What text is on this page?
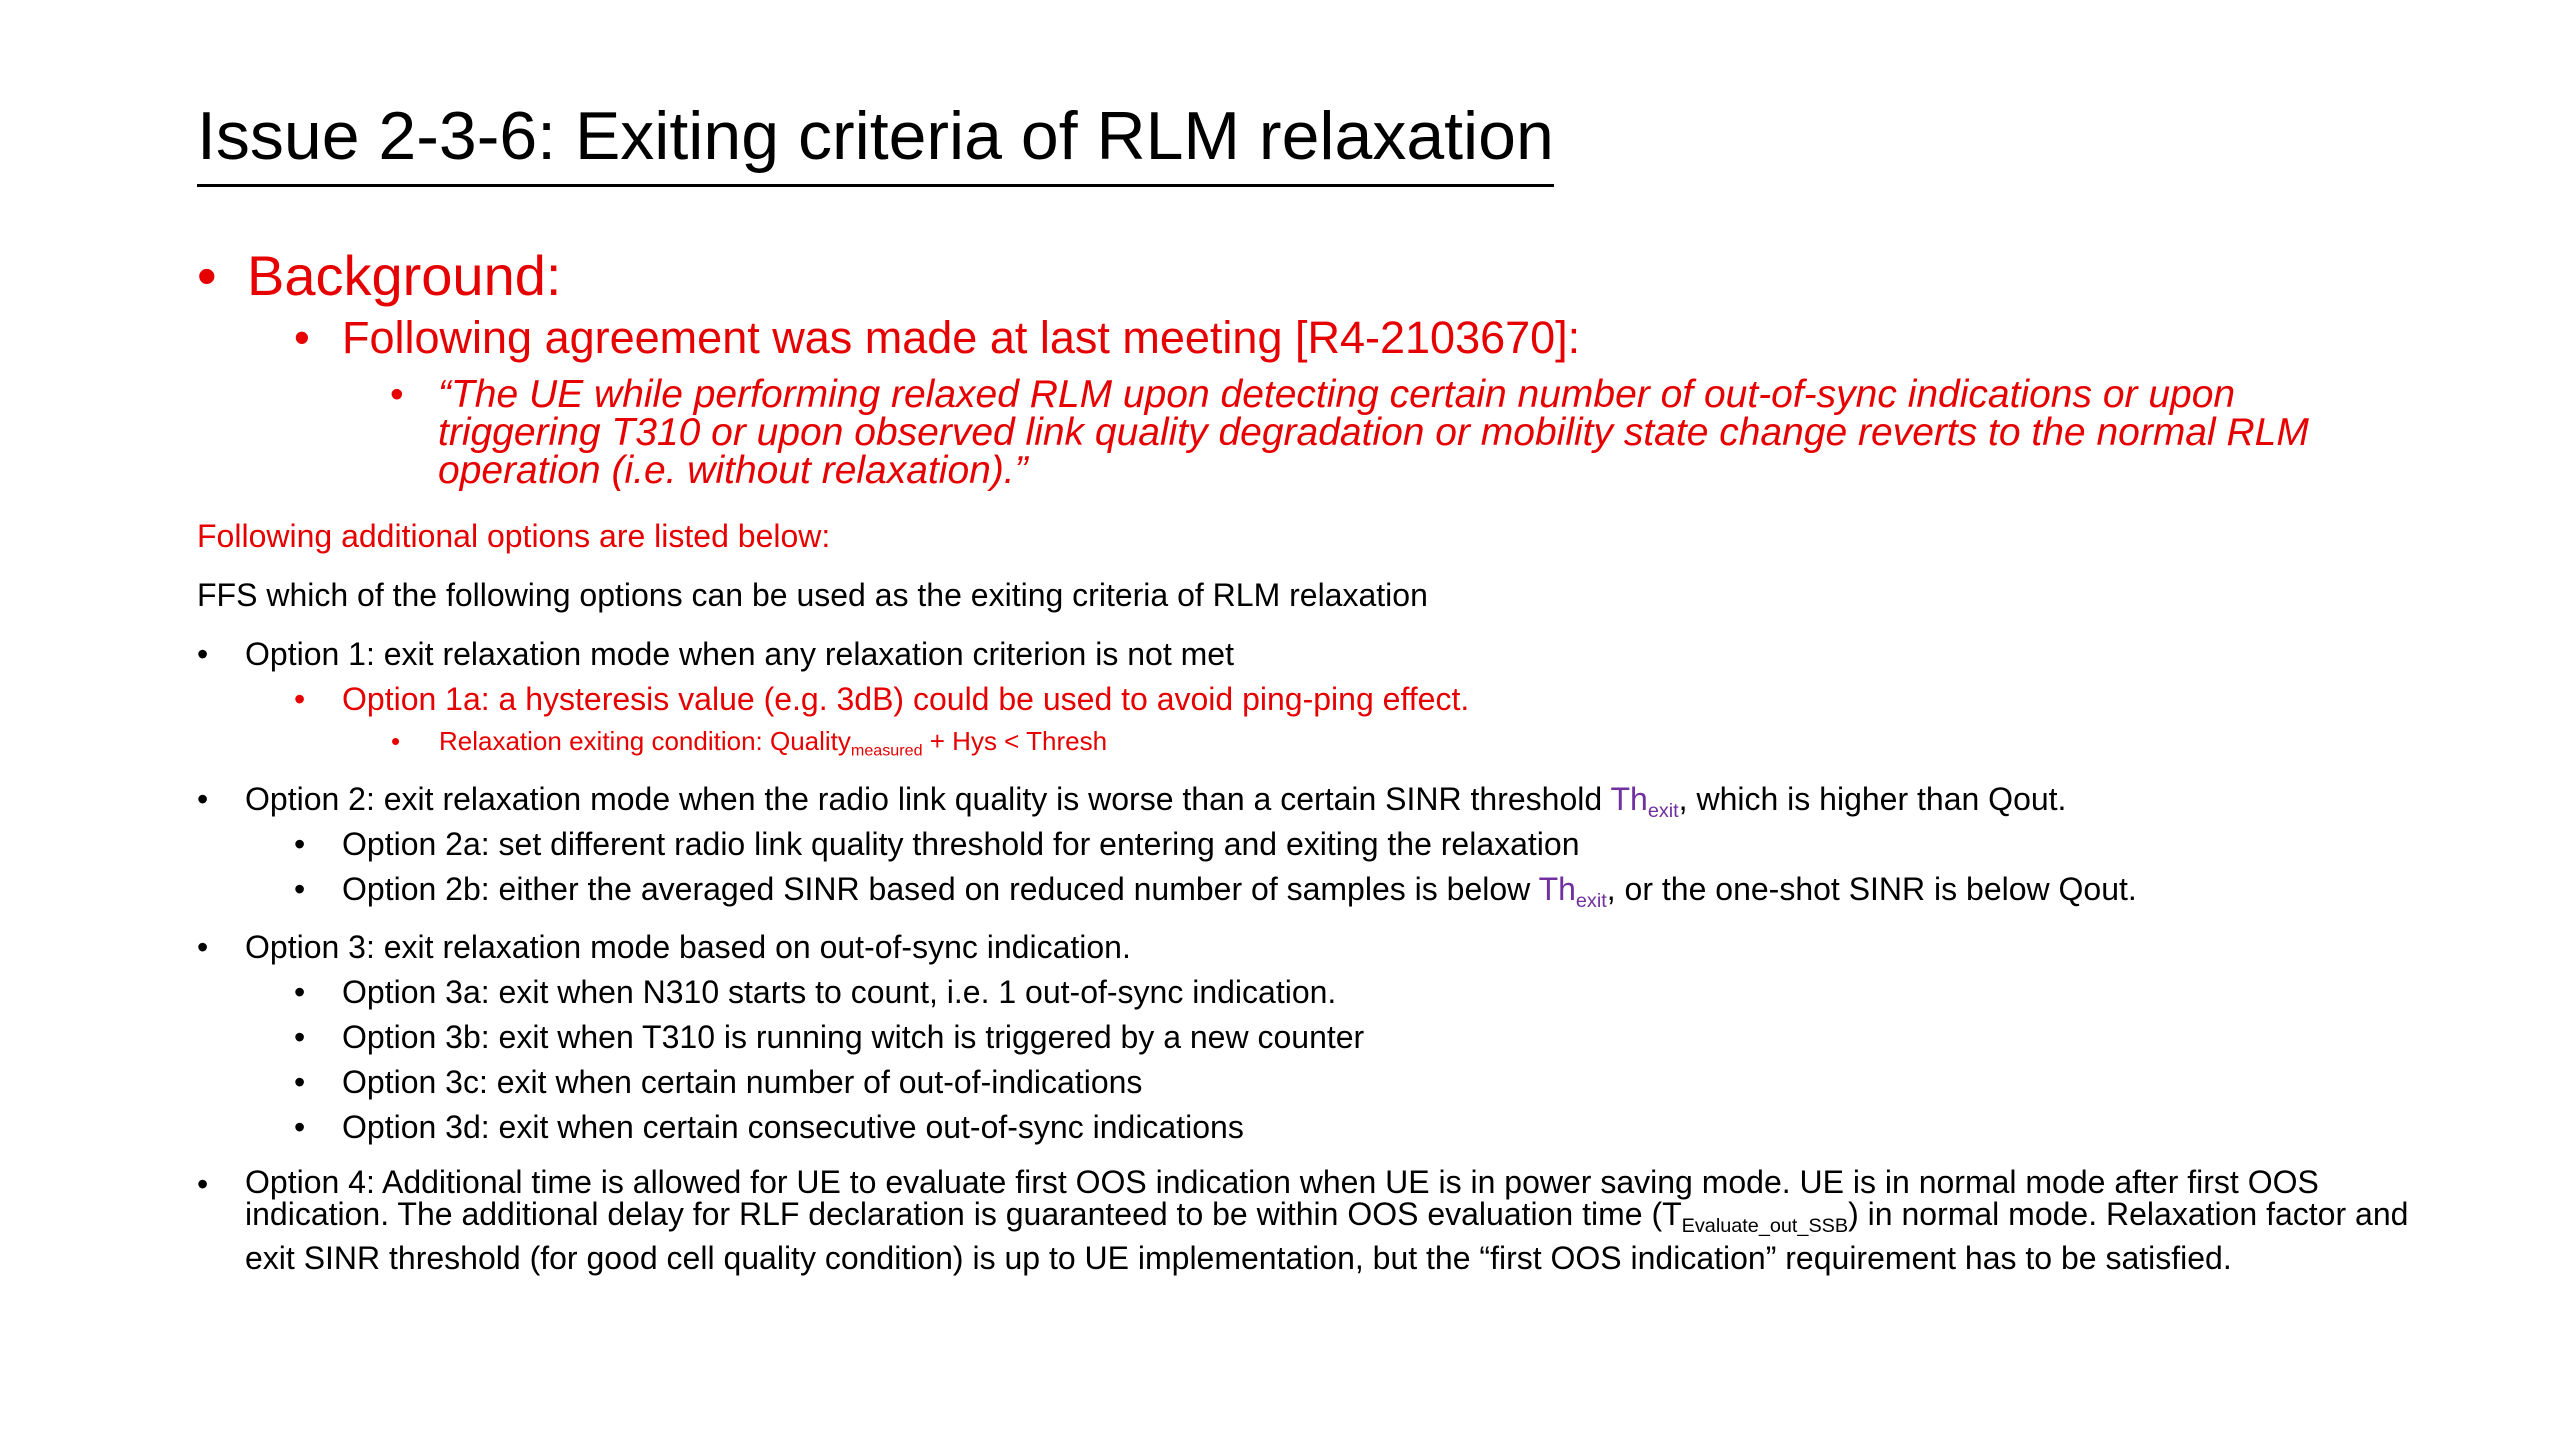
Issue 2-3-6: Exiting criteria of RLM relaxation
• Background:
• Following agreement was made at last meeting [R4-2103670]:
• “The UE while performing relaxed RLM upon detecting certain number of out-of-sync indications or upon triggering T310 or upon observed link quality degradation or mobility state change reverts to the normal RLM operation (i.e. without relaxation).”
Following additional options are listed below:
FFS which of the following options can be used as the exiting criteria of RLM relaxation
• Option 1: exit relaxation mode when any relaxation criterion is not met
• Option 1a: a hysteresis value (e.g. 3dB) could be used to avoid ping-ping effect.
• Relaxation exiting condition: Quality$_{measured}$ + Hys < Thresh
• Option 2: exit relaxation mode when the radio link quality is worse than a certain SINR threshold $Th_{exit}$, which is higher than Qout.
• Option 2a: set different radio link quality threshold for entering and exiting the relaxation
• Option 2b: either the averaged SINR based on reduced number of samples is below $Th_{exit}$, or the one-shot SINR is below Qout.
• Option 3: exit relaxation mode based on out-of-sync indication.
• Option 3a: exit when N310 starts to count, i.e. 1 out-of-sync indication.
• Option 3b: exit when T310 is running witch is triggered by a new counter
• Option 3c: exit when certain number of out-of-indications
• Option 3d: exit when certain consecutive out-of-sync indications
• Option 4: Additional time is allowed for UE to evaluate first OOS indication when UE is in power saving mode. UE is in normal mode after first OOS indication. The additional delay for RLF declaration is guaranteed to be within OOS evaluation time $(T_{Evaluate\_out\_SSB})$ in normal mode. Relaxation factor and exit SINR threshold (for good cell quality condition) is up to UE implementation, but the “first OOS indication” requirement has to be satisfied.
